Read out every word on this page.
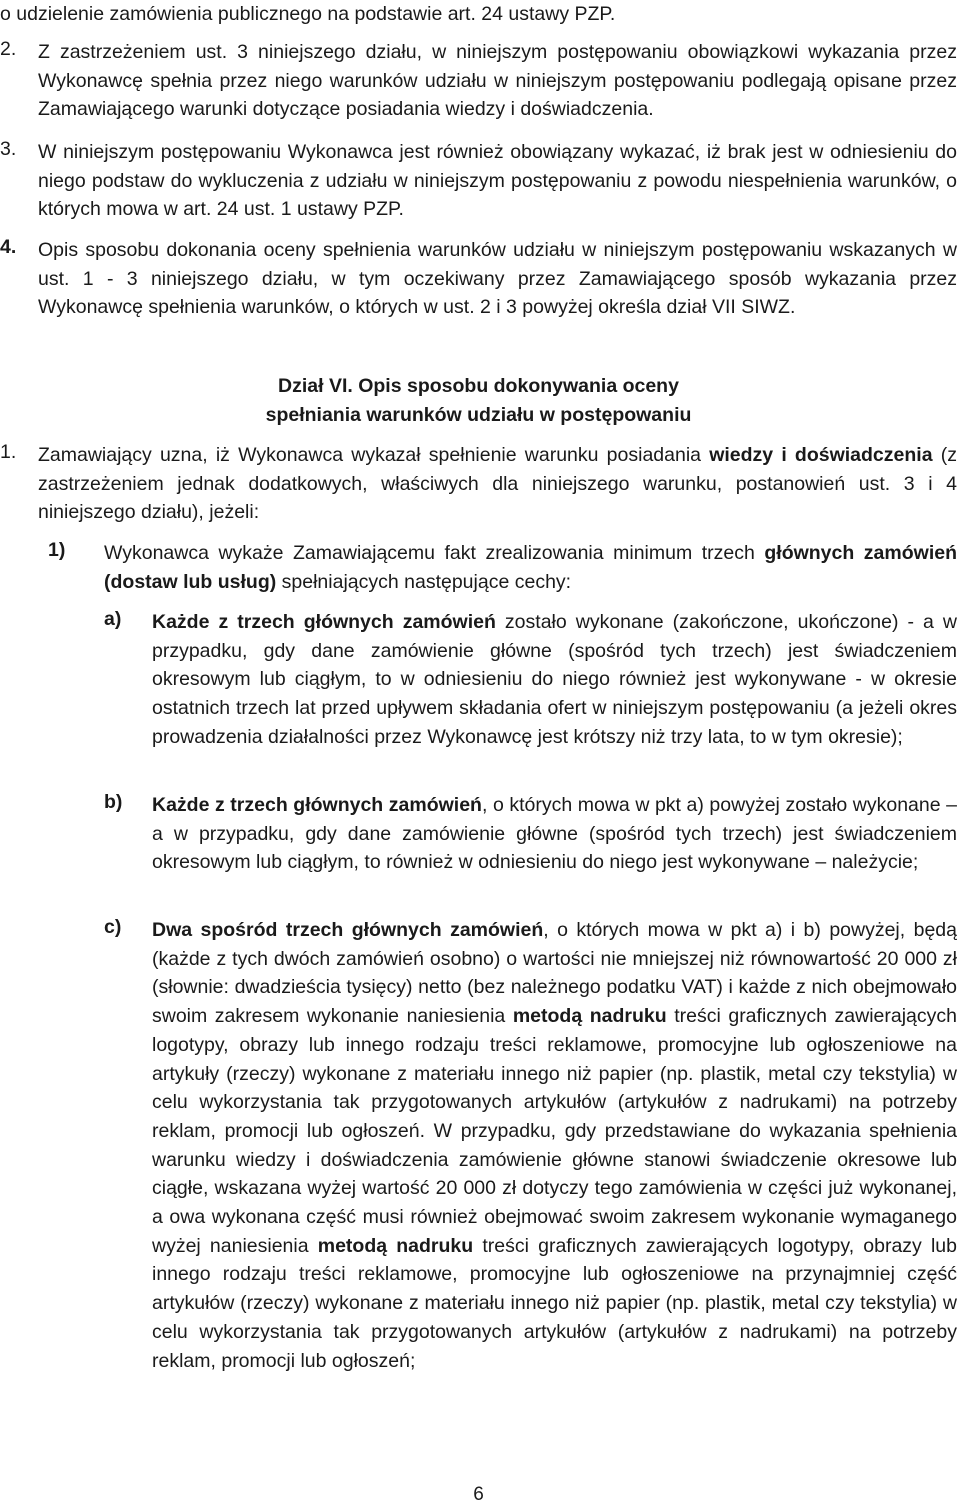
o udzielenie zamówienia publicznego na podstawie art. 24 ustawy PZP.

2.	Z zastrzeżeniem ust. 3 niniejszego działu, w niniejszym postępowaniu obowiązkowi wykazania przez Wykonawcę spełnia przez niego warunków udziału w niniejszym postępowaniu podlegają opisane przez Zamawiającego warunki dotyczące posiadania wiedzy i doświadczenia.
3.	W niniejszym postępowaniu Wykonawca jest również obowiązany wykazać, iż brak jest w odniesieniu do niego podstaw do wykluczenia z udziału w niniejszym postępowaniu z powodu niespełnienia warunków, o których mowa w art. 24 ust. 1 ustawy PZP.
4.	Opis sposobu dokonania oceny spełnienia warunków udziału w niniejszym postępowaniu wskazanych w ust. 1 - 3 niniejszego działu, w tym oczekiwany przez Zamawiającego sposób wykazania przez Wykonawcę spełnienia warunków, o których w ust. 2 i 3 powyżej określa dział VII SIWZ.
Dział VI. Opis sposobu dokonywania oceny
spełniania warunków udziału w postępowaniu
1.	Zamawiający uzna, iż Wykonawca wykazał spełnienie warunku posiadania wiedzy i doświadczenia (z zastrzeżeniem jednak dodatkowych, właściwych dla niniejszego warunku, postanowień ust. 3 i 4 niniejszego działu), jeżeli:
1)	Wykonawca wykaże Zamawiającemu fakt zrealizowania minimum trzech głównych zamówień (dostaw lub usług) spełniających następujące cechy:
a)	Każde z trzech głównych zamówień zostało wykonane (zakończone, ukończone) - a w przypadku, gdy dane zamówienie główne (spośród tych trzech) jest świadczeniem okresowym lub ciągłym, to w odniesieniu do niego również jest wykonywane - w okresie ostatnich trzech lat przed upływem składania ofert w niniejszym postępowaniu (a jeżeli okres prowadzenia działalności przez Wykonawcę jest krótszy niż trzy lata, to w tym okresie);
b)	Każde z trzech głównych zamówień, o których mowa w pkt a) powyżej zostało wykonane – a w przypadku, gdy dane zamówienie główne (spośród tych trzech) jest świadczeniem okresowym lub ciągłym, to również w odniesieniu do niego jest wykonywane – należycie;
c)	Dwa spośród trzech głównych zamówień, o których mowa w pkt a) i b) powyżej, będą (każde z tych dwóch zamówień osobno) o wartości nie mniejszej niż równowartość 20 000 zł (słownie: dwadzieścia tysięcy) netto (bez należnego podatku VAT) i każde z nich obejmowało swoim zakresem wykonanie naniesienia metodą nadruku treści graficznych zawierających logotypy, obrazy lub innego rodzaju treści reklamowe, promocyjne lub ogłoszeniowe na artykuły (rzeczy) wykonane z materiału innego niż papier (np. plastik, metal czy tekstylia) w celu wykorzystania tak przygotowanych artykułów (artykułów z nadrukami) na potrzeby reklam, promocji lub ogłoszeń. W przypadku, gdy przedstawiane do wykazania spełnienia warunku wiedzy i doświadczenia zamówienie główne stanowi świadczenie okresowe lub ciągłe, wskazana wyżej wartość 20 000 zł dotyczy tego zamówienia w części już wykonanej, a owa wykonana część musi również obejmować swoim zakresem wykonanie wymaganego wyżej naniesienia metodą nadruku treści graficznych zawierających logotypy, obrazy lub innego rodzaju treści reklamowe, promocyjne lub ogłoszeniowe na przynajmniej część artykułów (rzeczy) wykonane z materiału innego niż papier (np. plastik, metal czy tekstylia) w celu wykorzystania tak przygotowanych artykułów (artykułów z nadrukami) na potrzeby reklam, promocji lub ogłoszeń;
6
